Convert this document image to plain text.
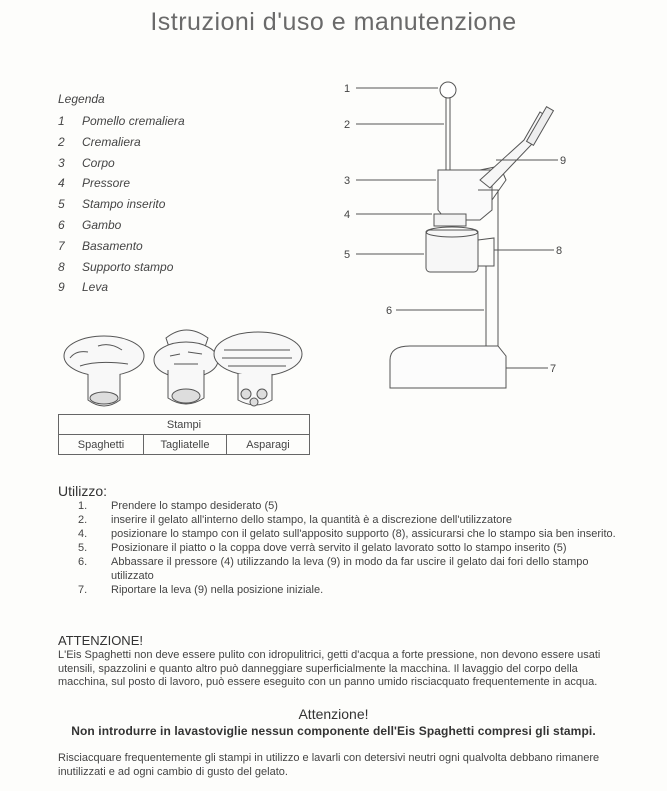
Istruzioni d'uso e manutenzione
Legenda
1 Pomello cremaliera
2 Cremaliera
3 Corpo
4 Pressore
5 Stampo inserito
6 Gambo
7 Basamento
8 Supporto stampo
9 Leva
1
2
3
4
5
6
7
8
9
Stampi
Spaghetti	Tagliatelle	Asparagi
Utilizzo:
1.	Prendere lo stampo desiderato (5)
2.	inserire il gelato all'interno dello stampo, la quantità è a discrezione dell'utilizzatore
4.	posizionare lo stampo con il gelato sull'apposito supporto (8), assicurarsi che lo stampo sia ben inserito.
5.	Posizionare il piatto o la coppa dove verrà servito il gelato lavorato sotto lo stampo inserito (5)
6.	Abbassare il pressore (4) utilizzando la leva (9) in modo da far uscire il gelato dai fori dello stampo utilizzato
7.	Riportare la leva (9) nella posizione iniziale.
ATTENZIONE!

L'Eis Spaghetti non deve essere pulito con idropulitrici, getti d'acqua a forte pressione, non devono essere usati utensili, spazzolini e quanto altro può danneggiare superficialmente la macchina. Il lavaggio del corpo della macchina, sul posto di lavoro, può essere eseguito con un panno umido risciacquato frequentemente in acqua.

Attenzione!
Non introdurre in lavastoviglie nessun componente dell'Eis Spaghetti compresi gli stampi.

Risciacquare frequentemente gli stampi in utilizzo e lavarli con detersivi neutri ogni qualvolta debbano rimanere inutilizzati e ad ogni cambio di gusto del gelato.
